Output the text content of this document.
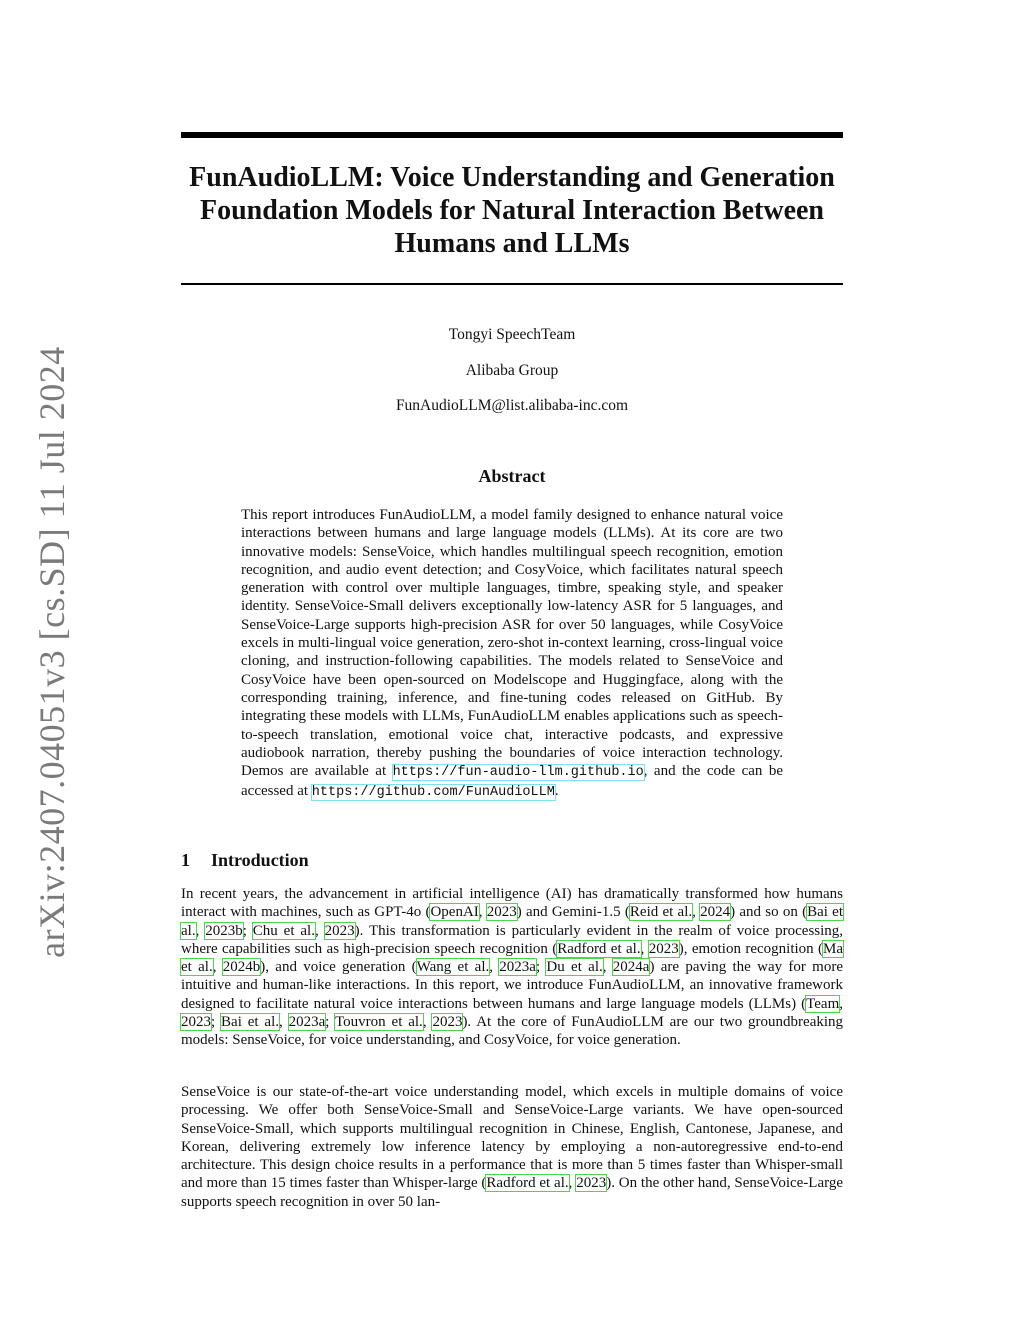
arXiv:2407.04051v3 [cs.SD] 11 Jul 2024
FunAudioLLM: Voice Understanding and Generation Foundation Models for Natural Interaction Between Humans and LLMs
Tongyi SpeechTeam
Alibaba Group
FunAudioLLM@list.alibaba-inc.com
Abstract

This report introduces FunAudioLLM, a model family designed to enhance natural voice interactions between humans and large language models (LLMs). At its core are two innovative models: SenseVoice, which handles multilingual speech recognition, emotion recognition, and audio event detection; and CosyVoice, which facilitates natural speech generation with control over multiple languages, timbre, speaking style, and speaker identity. SenseVoice-Small delivers exceptionally low-latency ASR for 5 languages, and SenseVoice-Large supports high-precision ASR for over 50 languages, while CosyVoice excels in multi-lingual voice generation, zero-shot in-context learning, cross-lingual voice cloning, and instruction-following capabilities. The models related to SenseVoice and CosyVoice have been open-sourced on Modelscope and Huggingface, along with the corresponding training, inference, and fine-tuning codes released on GitHub. By integrating these models with LLMs, FunAudioLLM enables applications such as speech-to-speech translation, emotional voice chat, interactive podcasts, and expressive audiobook narration, thereby pushing the boundaries of voice interaction technology. Demos are available at https://fun-audio-llm.github.io, and the code can be accessed at https://github.com/FunAudioLLM.

1 Introduction

In recent years, the advancement in artificial intelligence (AI) has dramatically transformed how humans interact with machines, such as GPT-4o (OpenAI, 2023) and Gemini-1.5 (Reid et al., 2024) and so on (Bai et al., 2023b; Chu et al., 2023). This transformation is particularly evident in the realm of voice processing, where capabilities such as high-precision speech recognition (Radford et al., 2023), emotion recognition (Ma et al., 2024b), and voice generation (Wang et al., 2023a; Du et al., 2024a) are paving the way for more intuitive and human-like interactions. In this report, we introduce FunAudioLLM, an innovative framework designed to facilitate natural voice interactions between humans and large language models (LLMs) (Team, 2023; Bai et al., 2023a; Touvron et al., 2023). At the core of FunAudioLLM are our two groundbreaking models: SenseVoice, for voice understanding, and CosyVoice, for voice generation.

SenseVoice is our state-of-the-art voice understanding model, which excels in multiple domains of voice processing. We offer both SenseVoice-Small and SenseVoice-Large variants. We have open-sourced SenseVoice-Small, which supports multilingual recognition in Chinese, English, Cantonese, Japanese, and Korean, delivering extremely low inference latency by employing a non-autoregressive end-to-end architecture. This design choice results in a performance that is more than 5 times faster than Whisper-small and more than 15 times faster than Whisper-large (Radford et al., 2023). On the other hand, SenseVoice-Large supports speech recognition in over 50 lan-
